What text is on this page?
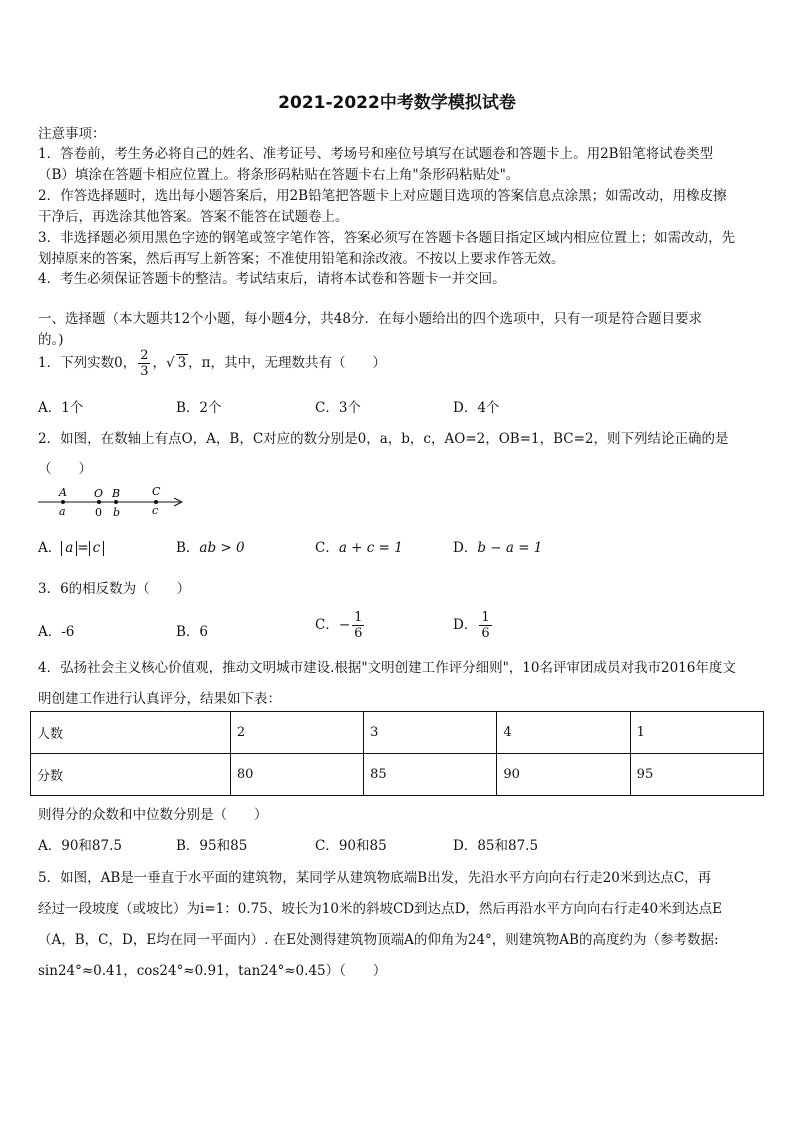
2021-2022中考数学模拟试卷
注意事项：
1．答卷前，考生务必将自己的姓名、准考证号、考场号和座位号填写在试题卷和答题卡上。用2B铅笔将试卷类型
（B）填涂在答题卡相应位置上。将条形码粘贴在答题卡右上角"条形码粘贴处"。
2．作答选择题时，选出每小题答案后，用2B铅笔把答题卡上对应题目选项的答案信息点涂黑；如需改动，用橡皮擦
干净后，再选涂其他答案。答案不能答在试题卷上。
3．非选择题必须用黑色字迹的钢笔或签字笔作答，答案必须写在答题卡各题目指定区域内相应位置上；如需改动，先
划掉原来的答案，然后再写上新答案；不准使用铅笔和涂改液。不按以上要求作答无效。
4．考生必须保证答题卡的整洁。考试结束后，请将本试卷和答题卡一并交回。
一、选择题（本大题共12个小题，每小题4分，共48分．在每小题给出的四个选项中，只有一项是符合题目要求
的。)
1．下列实数0， $\frac{2}{3}$ ，√ 3 ，π，其中，无理数共有（　　）
A．1个	B．2个	C．3个	D．4个
2．如图，在数轴上有点O，A，B，C对应的数分别是0，a，b，c，AO=2，OB=1，BC=2，则下列结论正确的是
（　　）
A O B	C
a	0 b	c
A． a = c	B．ab > 0	C．a + c = 1	D．b − a = 1
3．6的相反数为（　　）
A．-6	B．6	C．− $\frac{1}{6}$	D． $\frac{1}{6}$
4．弘扬社会主义核心价值观，推动文明城市建设.根据"文明创建工作评分细则"，10名评审团成员对我市2016年度文
明创建工作进行认真评分，结果如下表：
人数	2	3	4	1
分数	80	85	90	95
则得分的众数和中位数分别是（　　）
A．90和87.5	B．95和85	C．90和85	D．85和87.5
5．如图，AB是一垂直于水平面的建筑物，某同学从建筑物底端B出发，先沿水平方向向右行走20米到达点C，再
经过一段坡度（或坡比）为i=1：0.75、坡长为10米的斜坡CD到达点D，然后再沿水平方向向右行走40米到达点E
（A，B，C，D，E均在同一平面内）. 在E处测得建筑物顶端A的仰角为24°，则建筑物AB的高度约为（参考数据:
sin24°≈0.41，cos24°≈0.91，tan24°≈0.45）（　　）
